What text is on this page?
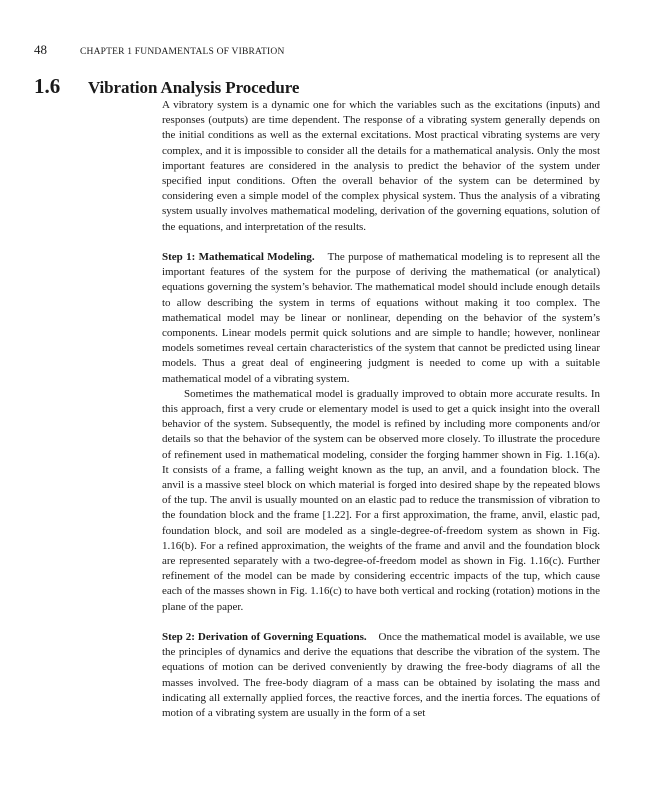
48	CHAPTER 1 FUNDAMENTALS OF VIBRATION
1.6	Vibration Analysis Procedure

A vibratory system is a dynamic one for which the variables such as the excitations (inputs) and responses (outputs) are time dependent. The response of a vibrating system generally depends on the initial conditions as well as the external excitations. Most practical vibrating systems are very complex, and it is impossible to consider all the details for a mathematical analysis. Only the most important features are considered in the analysis to predict the behavior of the system under specified input conditions. Often the overall behavior of the system can be determined by considering even a simple model of the complex physical system. Thus the analysis of a vibrating system usually involves mathematical modeling, derivation of the governing equations, solution of the equations, and interpretation of the results.

Step 1: Mathematical Modeling. The purpose of mathematical modeling is to represent all the important features of the system for the purpose of deriving the mathematical (or analytical) equations governing the system’s behavior. The mathematical model should include enough details to allow describing the system in terms of equations without making it too complex. The mathematical model may be linear or nonlinear, depending on the behavior of the system’s components. Linear models permit quick solutions and are simple to handle; however, nonlinear models sometimes reveal certain characteristics of the system that cannot be predicted using linear models. Thus a great deal of engineering judgment is needed to come up with a suitable mathematical model of a vibrating system.

Sometimes the mathematical model is gradually improved to obtain more accurate results. In this approach, first a very crude or elementary model is used to get a quick insight into the overall behavior of the system. Subsequently, the model is refined by including more components and/or details so that the behavior of the system can be observed more closely. To illustrate the procedure of refinement used in mathematical modeling, consider the forging hammer shown in Fig. 1.16(a). It consists of a frame, a falling weight known as the tup, an anvil, and a foundation block. The anvil is a massive steel block on which material is forged into desired shape by the repeated blows of the tup. The anvil is usually mounted on an elastic pad to reduce the transmission of vibration to the foundation block and the frame [1.22]. For a first approximation, the frame, anvil, elastic pad, foundation block, and soil are modeled as a single-degree-of-freedom system as shown in Fig. 1.16(b). For a refined approximation, the weights of the frame and anvil and the foundation block are represented separately with a two-degree-of-freedom model as shown in Fig. 1.16(c). Further refinement of the model can be made by considering eccentric impacts of the tup, which cause each of the masses shown in Fig. 1.16(c) to have both vertical and rocking (rotation) motions in the plane of the paper.

Step 2: Derivation of Governing Equations. Once the mathematical model is available, we use the principles of dynamics and derive the equations that describe the vibration of the system. The equations of motion can be derived conveniently by drawing the free-body diagrams of all the masses involved. The free-body diagram of a mass can be obtained by isolating the mass and indicating all externally applied forces, the reactive forces, and the inertia forces. The equations of motion of a vibrating system are usually in the form of a set
